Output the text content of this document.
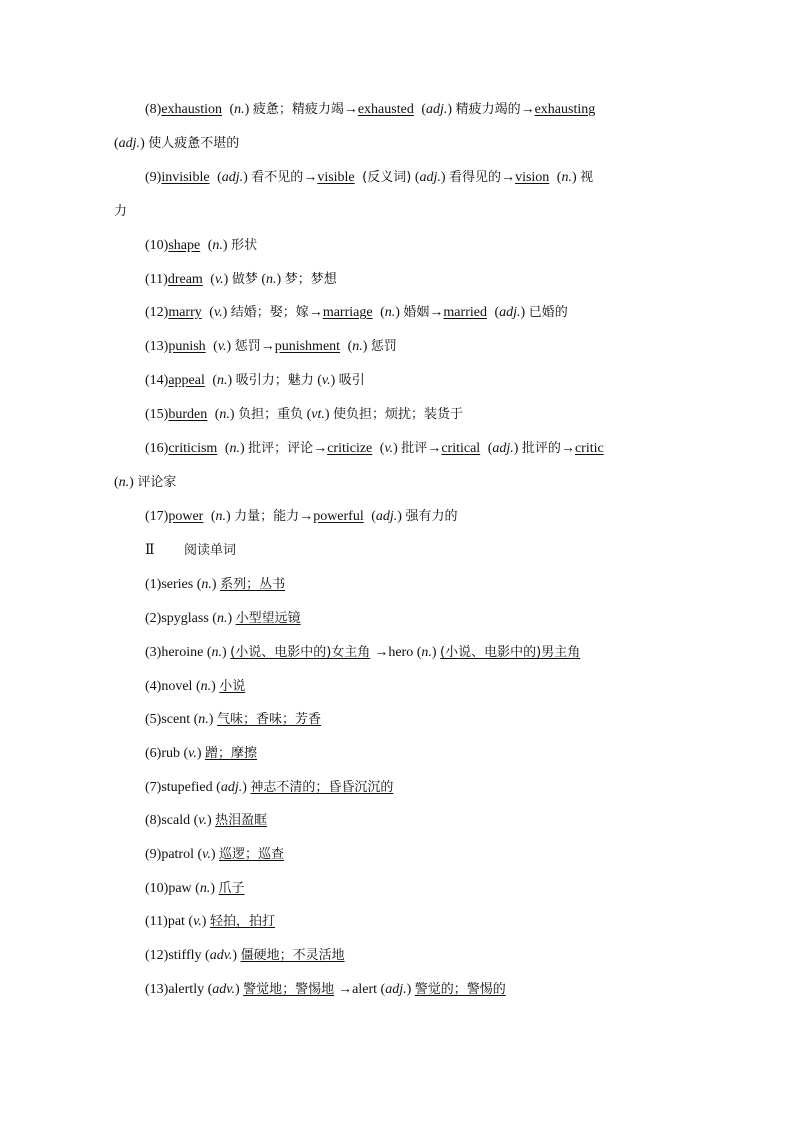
(8)exhaustion (n.) 疲惫；精疲力竭→exhausted (adj.) 精疲力竭的→exhausting
(adj.) 使人疲惫不堪的
(9)invisible (adj.) 看不见的→visible (反义词) (adj.) 看得见的→vision (n.) 视
力
(10)shape (n.) 形状
(11)dream (v.) 做梦 (n.) 梦；梦想
(12)marry (v.) 结婚；娶；嫁→marriage (n.) 婚姻→married (adj.) 已婚的
(13)punish (v.) 惩罚→punishment (n.) 惩罚
(14)appeal (n.) 吸引力；魅力 (v.) 吸引
(15)burden (n.) 负担；重负 (vt.) 使负担；烦扰；装货于
(16)criticism (n.) 批评；评论→criticize (v.) 批评→critical (adj.) 批评的→critic
(n.) 评论家
(17)power (n.) 力量；能力→powerful (adj.) 强有力的
Ⅱ 阅读单词
(1)series (n.) 系列；丛书
(2)spyglass (n.) 小型望远镜
(3)heroine (n.) (小说、电影中的)女主角 →hero (n.) (小说、电影中的)男主角
(4)novel (n.) 小说
(5)scent (n.) 气味；香味；芳香
(6)rub (v.) 蹭；摩擦
(7)stupefied (adj.) 神志不清的；昏昏沉沉的
(8)scald (v.) 热泪盈眶
(9)patrol (v.) 巡逻；巡查
(10)paw (n.) 爪子
(11)pat (v.) 轻拍，拍打
(12)stiffly (adv.) 僵硬地；不灵活地
(13)alertly (adv.) 警觉地；警惕地 →alert (adj.) 警觉的；警惕的
